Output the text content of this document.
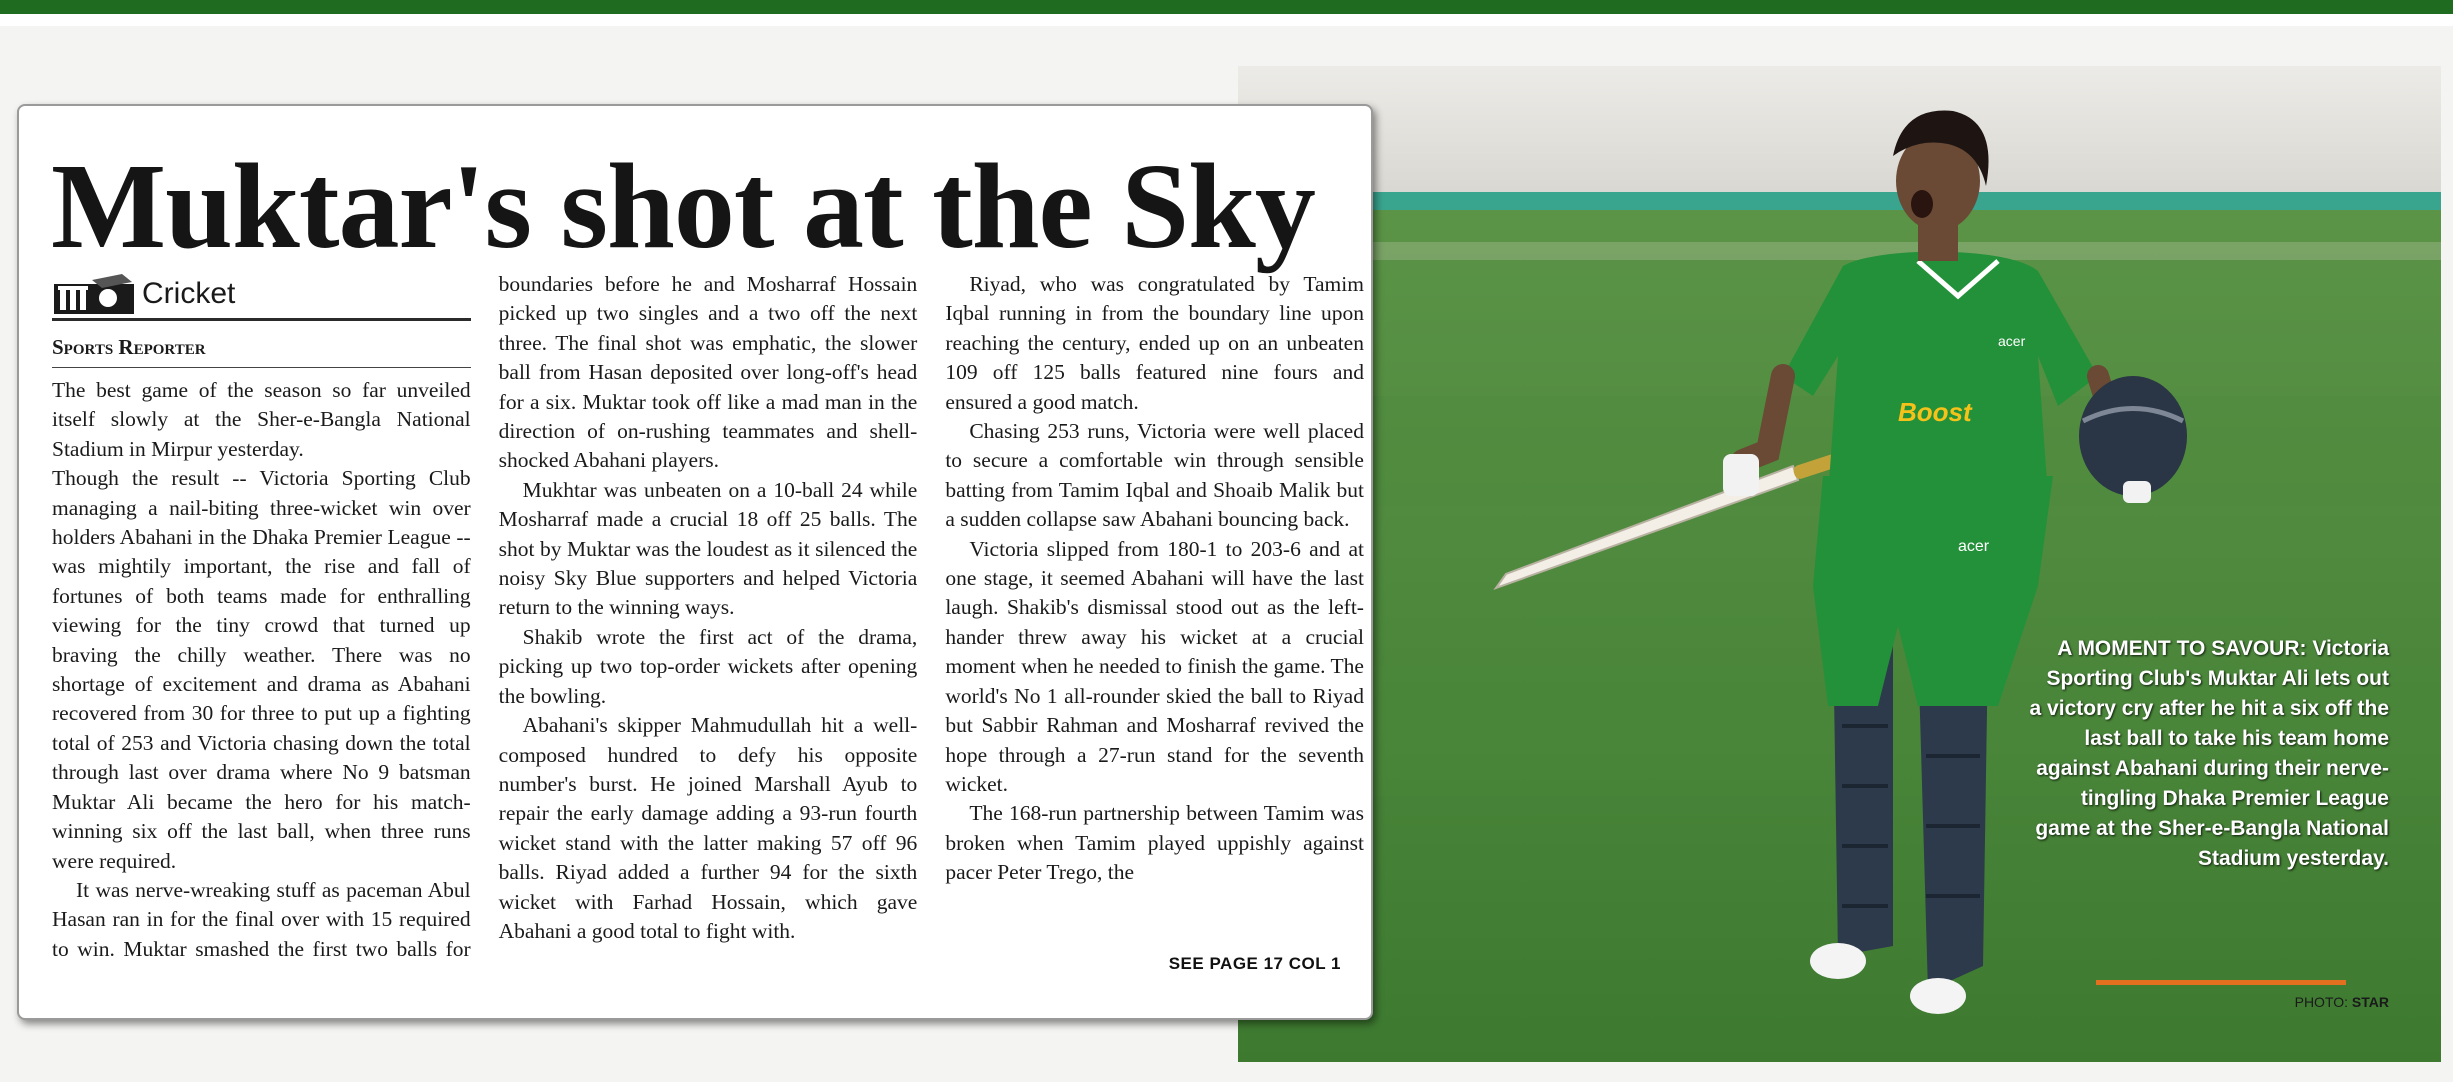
Boost
acer
acer
A MOMENT TO SAVOUR: Victoria Sporting Club's Muktar Ali lets out a victory cry after he hit a six off the last ball to take his team home against Abahani during their nerve-tingling Dhaka Premier League game at the Sher-e-Bangla National Stadium yesterday.
PHOTO: STAR
Muktar's shot at the Sky
Cricket
Sports Reporter

The best game of the season so far unveiled itself slowly at the Sher-e-Bangla National Stadium in Mirpur yesterday.

Though the result -- Victoria Sporting Club managing a nail-biting three-wicket win over holders Abahani in the Dhaka Premier League -- was mightily important, the rise and fall of fortunes of both teams made for enthralling viewing for the tiny crowd that turned up braving the chilly weather. There was no shortage of excitement and drama as Abahani recovered from 30 for three to put up a fighting total of 253 and Victoria chasing down the total through last over drama where No 9 batsman Muktar Ali became the hero for his match-winning six off the last ball, when three runs were required.

It was nerve-wreaking stuff as paceman Abul Hasan ran in for the final over with 15 required to win. Muktar smashed the first two balls for boundaries before he and Mosharraf Hossain picked up two singles and a two off the next three. The final shot was emphatic, the slower ball from Hasan deposited over long-off's head for a six. Muktar took off like a mad man in the direction of on-rushing teammates and shell-shocked Abahani players.

Mukhtar was unbeaten on a 10-ball 24 while Mosharraf made a crucial 18 off 25 balls. The shot by Muktar was the loudest as it silenced the noisy Sky Blue supporters and helped Victoria return to the winning ways.

Shakib wrote the first act of the drama, picking up two top-order wickets after opening the bowling.

Abahani's skipper Mahmudullah hit a well-composed hundred to defy his opposite number's burst. He joined Marshall Ayub to repair the early damage adding a 93-run fourth wicket stand with the latter making 57 off 96 balls. Riyad added a further 94 for the sixth wicket with Farhad Hossain, which gave Abahani a good total to fight with.

Riyad, who was congratulated by Tamim Iqbal running in from the boundary line upon reaching the century, ended up on an unbeaten 109 off 125 balls featured nine fours and ensured a good match.

Chasing 253 runs, Victoria were well placed to secure a comfortable win through sensible batting from Tamim Iqbal and Shoaib Malik but a sudden collapse saw Abahani bouncing back.

Victoria slipped from 180-1 to 203-6 and at one stage, it seemed Abahani will have the last laugh. Shakib's dismissal stood out as the left-hander threw away his wicket at a crucial moment when he needed to finish the game. The world's No 1 all-rounder skied the ball to Riyad but Sabbir Rahman and Mosharraf revived the hope through a 27-run stand for the seventh wicket.

The 168-run partnership between Tamim was broken when Tamim played uppishly against pacer Peter Trego, the

SEE PAGE 17 COL 1
